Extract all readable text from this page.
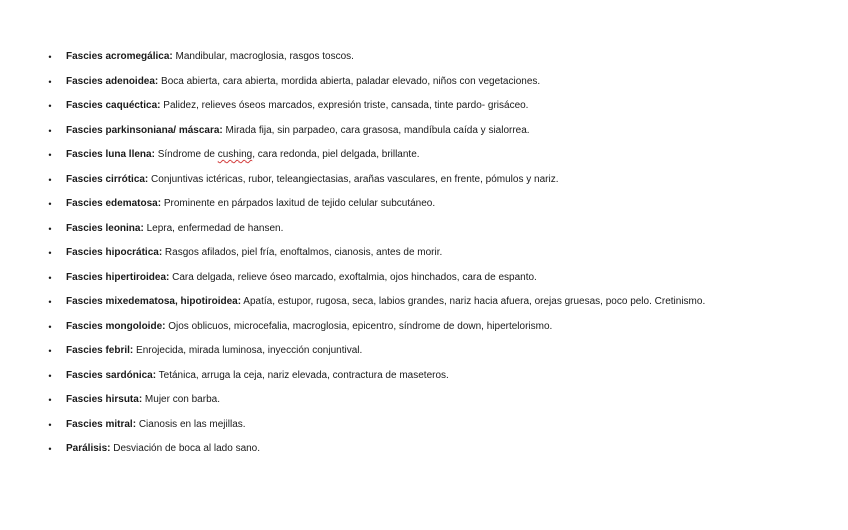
• Fascies acromegálica: Mandibular, macroglosia, rasgos toscos.
• Fascies adenoidea: Boca abierta, cara abierta, mordida abierta, paladar elevado, niños con vegetaciones.
• Fascies caquéctica: Palidez, relieves óseos marcados, expresión triste, cansada, tinte pardo- grisáceo.
• Fascies parkinsoniana/ máscara: Mirada fija, sin parpadeo, cara grasosa, mandíbula caída y sialorrea.
• Fascies luna llena: Síndrome de cushing, cara redonda, piel delgada, brillante.
• Fascies cirrótica: Conjuntivas ictéricas, rubor, teleangiectasias, arañas vasculares, en frente, pómulos y nariz.
• Fascies edematosa: Prominente en párpados laxitud de tejido celular subcutáneo.
• Fascies leonina: Lepra, enfermedad de hansen.
• Fascies hipocrática: Rasgos afilados, piel fría, enoftalmos, cianosis, antes de morir.
• Fascies hipertiroidea: Cara delgada, relieve óseo marcado, exoftalmia, ojos hinchados, cara de espanto.
• Fascies mixedematosa, hipotiroidea: Apatía, estupor, rugosa, seca, labios grandes, nariz hacia afuera, orejas gruesas, poco pelo. Cretinismo.
• Fascies mongoloide: Ojos oblicuos, microcefalia, macroglosia, epicentro, síndrome de down, hipertelorismo.
• Fascies febril: Enrojecida, mirada luminosa, inyección conjuntival.
• Fascies sardónica: Tetánica, arruga la ceja, nariz elevada, contractura de maseteros.
• Fascies hirsuta: Mujer con barba.
• Fascies mitral: Cianosis en las mejillas.
• Parálisis: Desviación de boca al lado sano.
